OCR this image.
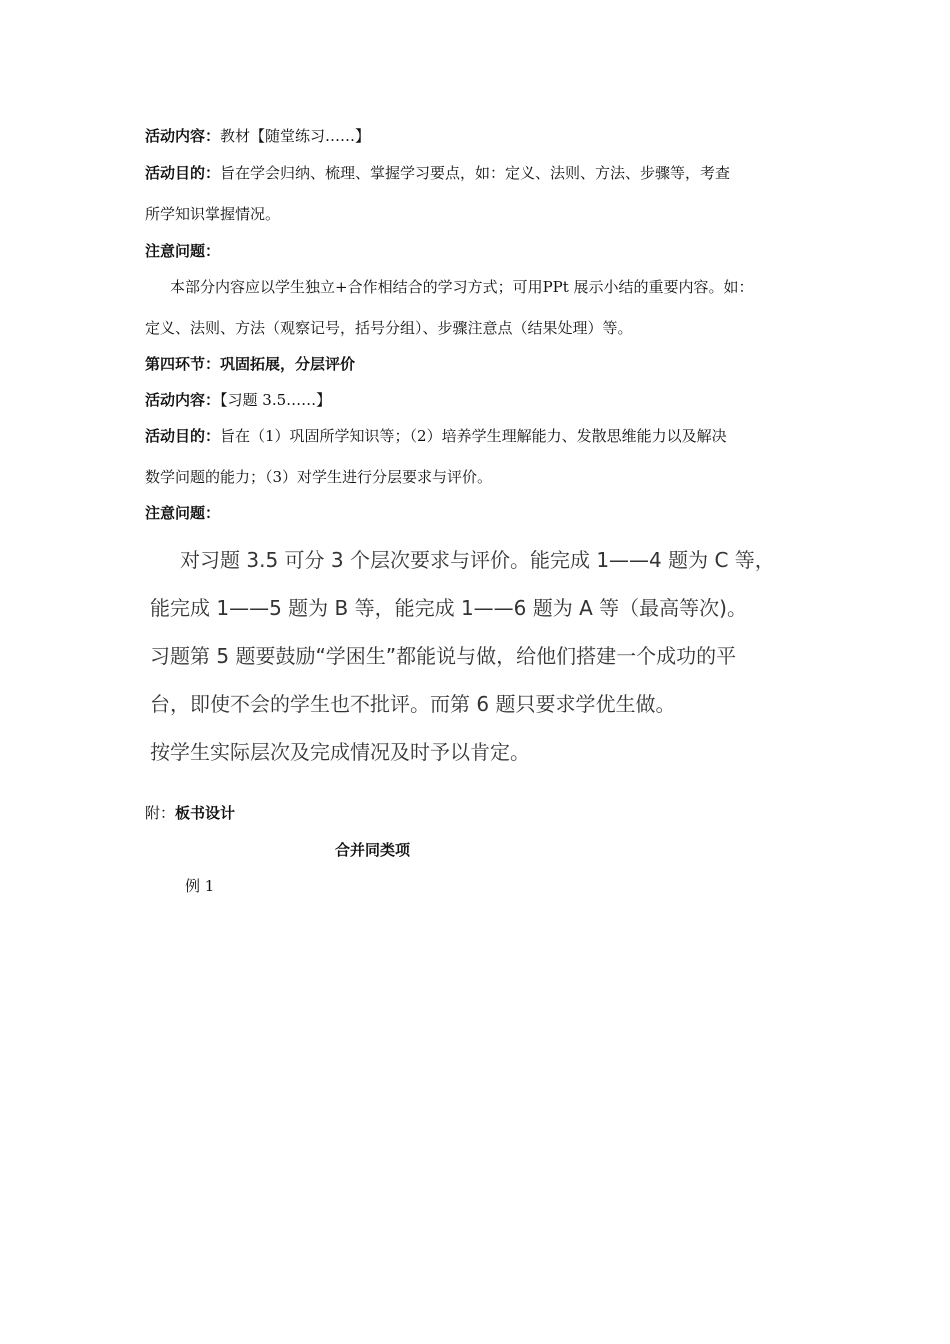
活动内容：教材【随堂练习……】
活动目的：旨在学会归纳、梳理、掌握学习要点，如：定义、法则、方法、步骤等，考查
所学知识掌握情况。
注意问题：
本部分内容应以学生独立+合作相结合的学习方式；可用PPt 展示小结的重要内容。如：
定义、法则、方法（观察记号，括号分组）、步骤注意点（结果处理）等。
第四环节：巩固拓展，分层评价
活动内容：【习题 3.5……】
活动目的：旨在（1）巩固所学知识等；（2）培养学生理解能力、发散思维能力以及解决
数学问题的能力；（3）对学生进行分层要求与评价。
注意问题：
对习题 3.5 可分 3 个层次要求与评价。能完成 1——4 题为 C 等，
能完成 1——5 题为 B 等，能完成 1——6 题为 A 等（最高等次)。
习题第 5 题要鼓励“学困生”都能说与做，给他们搭建一个成功的平
台，即使不会的学生也不批评。而第 6 题只要求学优生做。
按学生实际层次及完成情况及时予以肯定。
附：板书设计
合并同类项
例 1
